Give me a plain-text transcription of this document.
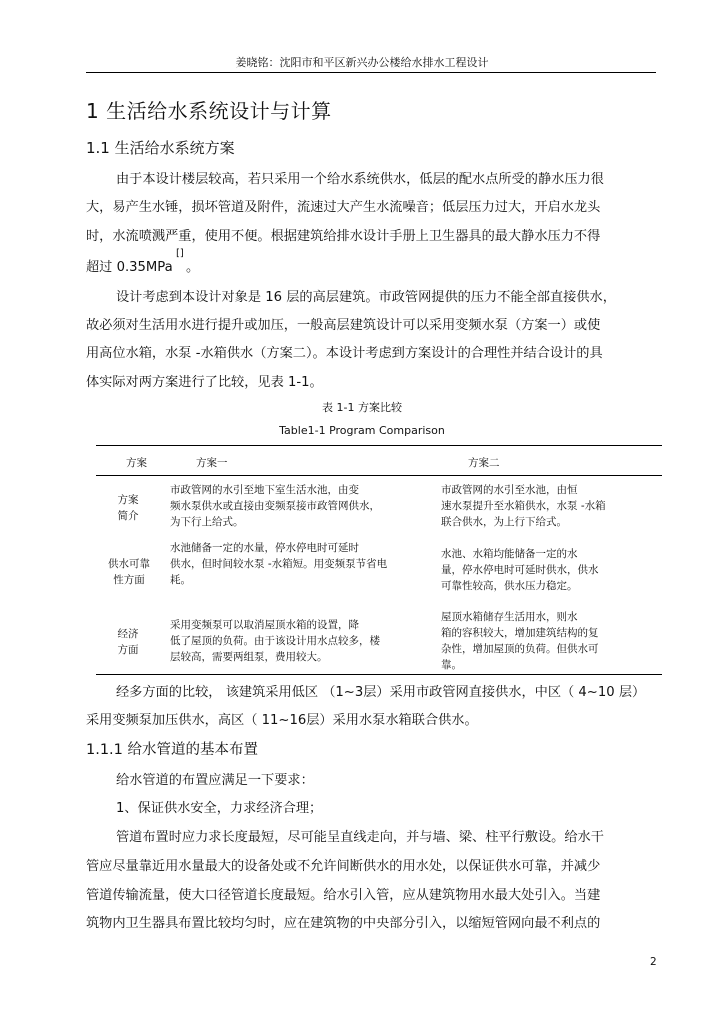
姜晓铭：沈阳市和平区新兴办公楼给水排水工程设计
1 生活给水系统设计与计算
1.1 生活给水系统方案
由于本设计楼层较高，若只采用一个给水系统供水，低层的配水点所受的静水压力很
大，易产生水锤，损坏管道及附件，流速过大产生水流噪音；低层压力过大，开启水龙头
时，水流喷溅严重，使用不便。根据建筑给排水设计手册上卫生器具的最大静水压力不得
超过 0.35MPa
[]
。
设计考虑到本设计对象是 16 层的高层建筑。市政管网提供的压力不能全部直接供水，
故必须对生活用水进行提升或加压，一般高层建筑设计可以采用变频水泵（方案一）或使
用高位水箱，水泵 -水箱供水（方案二）。本设计考虑到方案设计的合理性并结合设计的具
体实际对两方案进行了比较，见表 1-1。
表 1-1 方案比较
Table1-1 Program Comparison
方案	方案一	方案二
方案
简介
市政管网的水引至地下室生活水池，由变
频水泵供水或直接由变频泵接市政管网供水，
为下行上给式。
市政管网的水引至水池，由恒
速水泵提升至水箱供水，水泵 -水箱
联合供水，为上行下给式。
供水可靠
性方面
水池储备一定的水量，停水停电时可延时
供水，但时间较水泵 -水箱短。用变频泵节省电
耗。
水池、水箱均能储备一定的水
量，停水停电时可延时供水，供水
可靠性较高，供水压力稳定。
经济
方面
采用变频泵可以取消屋顶水箱的设置，降
低了屋顶的负荷。由于该设计用水点较多，楼
层较高，需要两组泵，费用较大。
屋顶水箱储存生活用水，则水
箱的容积较大，增加建筑结构的复
杂性，增加屋顶的负荷。但供水可
靠。
经多方面的比较， 该建筑采用低区 （1~3层）采用市政管网直接供水，中区（ 4~10 层）
采用变频泵加压供水，高区（ 11~16层）采用水泵水箱联合供水。
1.1.1 给水管道的基本布置
给水管道的布置应满足一下要求：
1、保证供水安全，力求经济合理；
管道布置时应力求长度最短，尽可能呈直线走向，并与墙、梁、柱平行敷设。给水干
管应尽量靠近用水量最大的设备处或不允许间断供水的用水处，以保证供水可靠，并减少
管道传输流量，使大口径管道长度最短。给水引入管，应从建筑物用水最大处引入。当建
筑物内卫生器具布置比较均匀时，应在建筑物的中央部分引入，以缩短管网向最不利点的
2
